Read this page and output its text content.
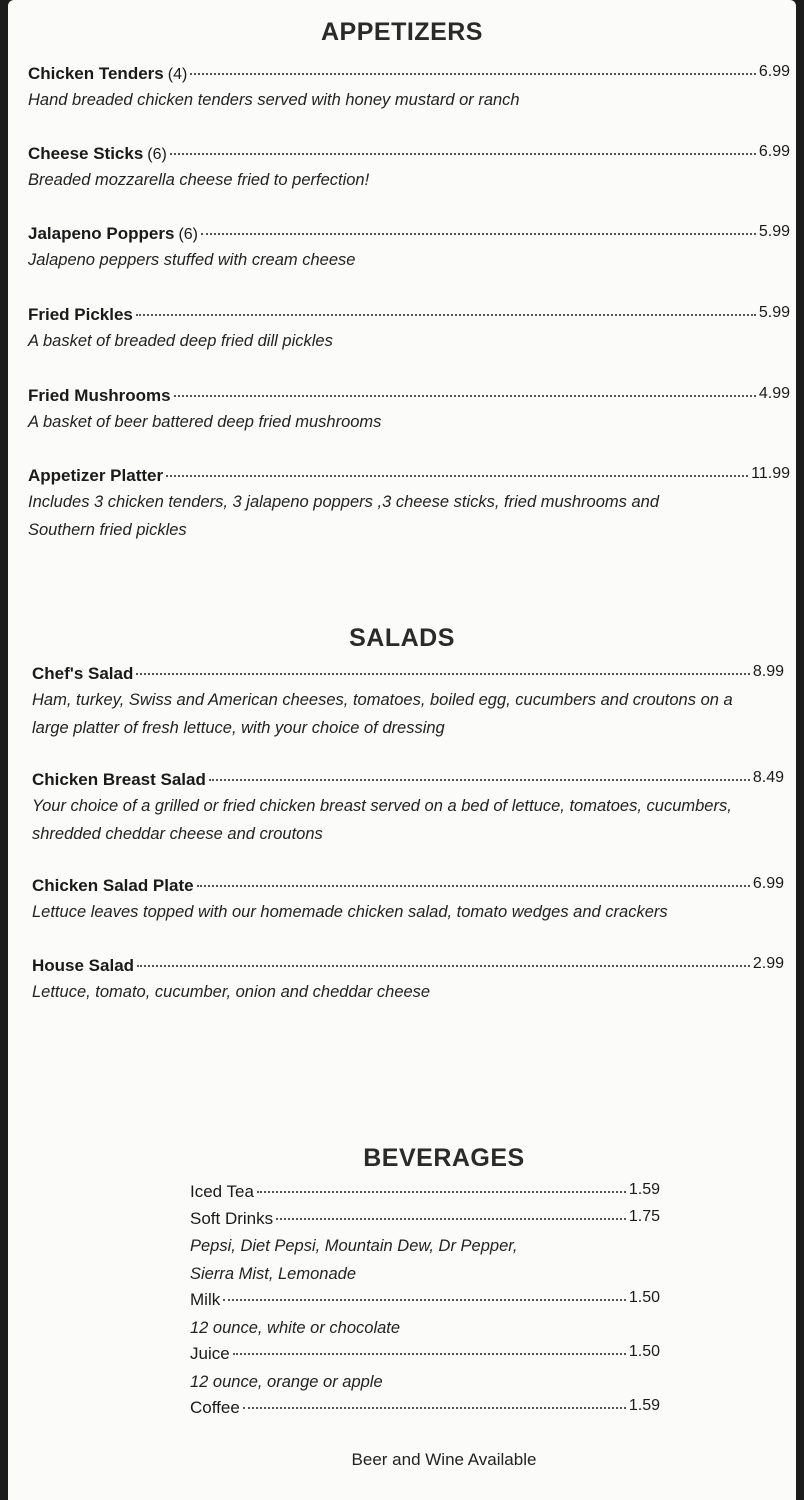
APPETIZERS
Chicken Tenders (4)	6.99
Hand breaded chicken tenders served with honey mustard or ranch
Cheese Sticks (6)	6.99
Breaded mozzarella cheese fried to perfection!
Jalapeno Poppers (6)	5.99
Jalapeno peppers stuffed with cream cheese
Fried Pickles	5.99
A basket of breaded deep fried dill pickles
Fried Mushrooms	4.99
A basket of beer battered deep fried mushrooms
Appetizer Platter	11.99
Includes 3 chicken tenders, 3 jalapeno poppers ,3 cheese sticks, fried mushrooms and Southern fried pickles
SALADS
Chef's Salad	8.99
Ham, turkey, Swiss and American cheeses, tomatoes, boiled egg, cucumbers and croutons on a large platter of fresh lettuce, with your choice of dressing
Chicken Breast Salad	8.49
Your choice of a grilled or fried chicken breast served on a bed of lettuce, tomatoes, cucumbers, shredded cheddar cheese and croutons
Chicken Salad Plate	6.99
Lettuce leaves topped with our homemade chicken salad, tomato wedges and crackers
House Salad	2.99
Lettuce, tomato, cucumber, onion and cheddar cheese
BEVERAGES
Iced Tea	1.59
Soft Drinks	1.75
Pepsi, Diet Pepsi, Mountain Dew, Dr Pepper,
Sierra Mist, Lemonade
Milk	1.50
12 ounce, white or chocolate
Juice	1.50
12 ounce, orange or apple
Coffee	1.59
Beer and Wine Available
